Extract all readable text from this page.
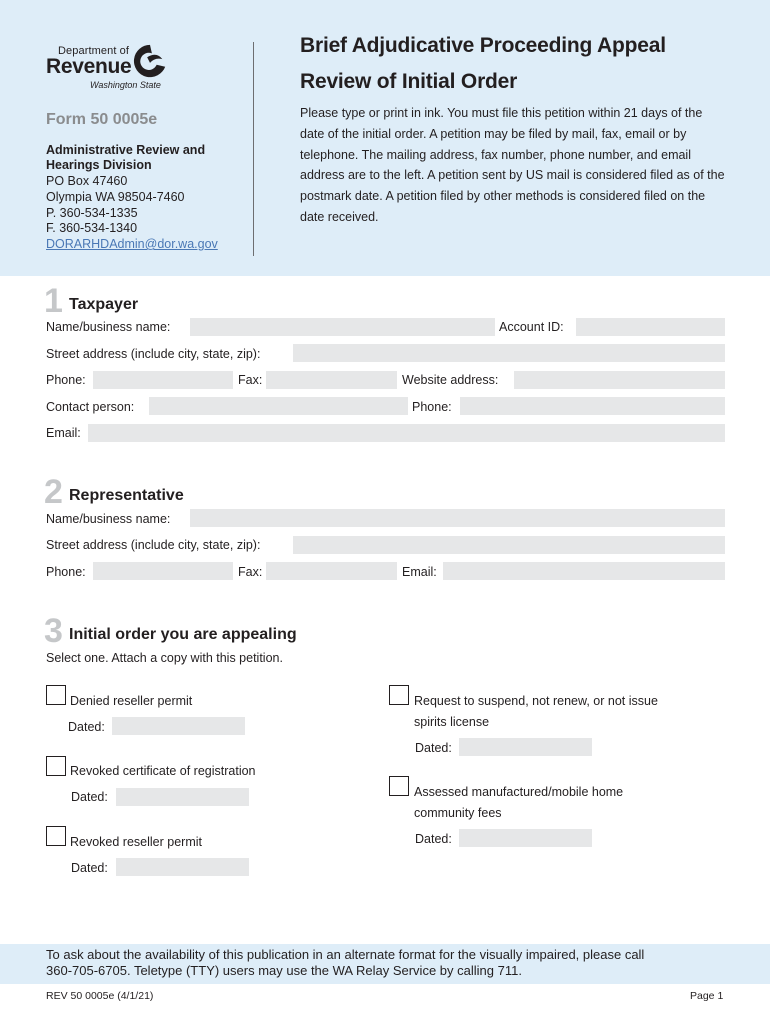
Department of
Revenue
Washington State
Form 50 0005e
Administrative Review and
Hearings Division
PO Box 47460
Olympia WA 98504-7460
P. 360-534-1335
F. 360-534-1340
DORARHDAdmin@dor.wa.gov
Brief Adjudicative Proceeding Appeal
Review of Initial Order
Please type or print in ink. You must file this petition within 21 days of the date of the initial order. A petition may be filed by mail, fax, email or by telephone. The mailing address, fax number, phone number, and email address are to the left. A petition sent by US mail is considered filed as of the postmark date. A petition filed by other methods is considered filed on the date received.
1 Taxpayer
Name/business name:	Account ID:
Street address (include city, state, zip):
Phone:	Fax:	Website address:
Contact person:	Phone:
Email:
2 Representative
Name/business name:
Street address (include city, state, zip):
Phone:	Fax:	Email:
3 Initial order you are appealing
Select one. Attach a copy with this petition.
Denied reseller permit
Dated:
Revoked certificate of registration
Dated:
Revoked reseller permit
Dated:
Request to suspend, not renew, or not issue
spirits license
Dated:
Assessed manufactured/mobile home
community fees
Dated:
To ask about the availability of this publication in an alternate format for the visually impaired, please call
360-705-6705. Teletype (TTY) users may use the WA Relay Service by calling 711.
REV 50 0005e (4/1/21)	Page 1
